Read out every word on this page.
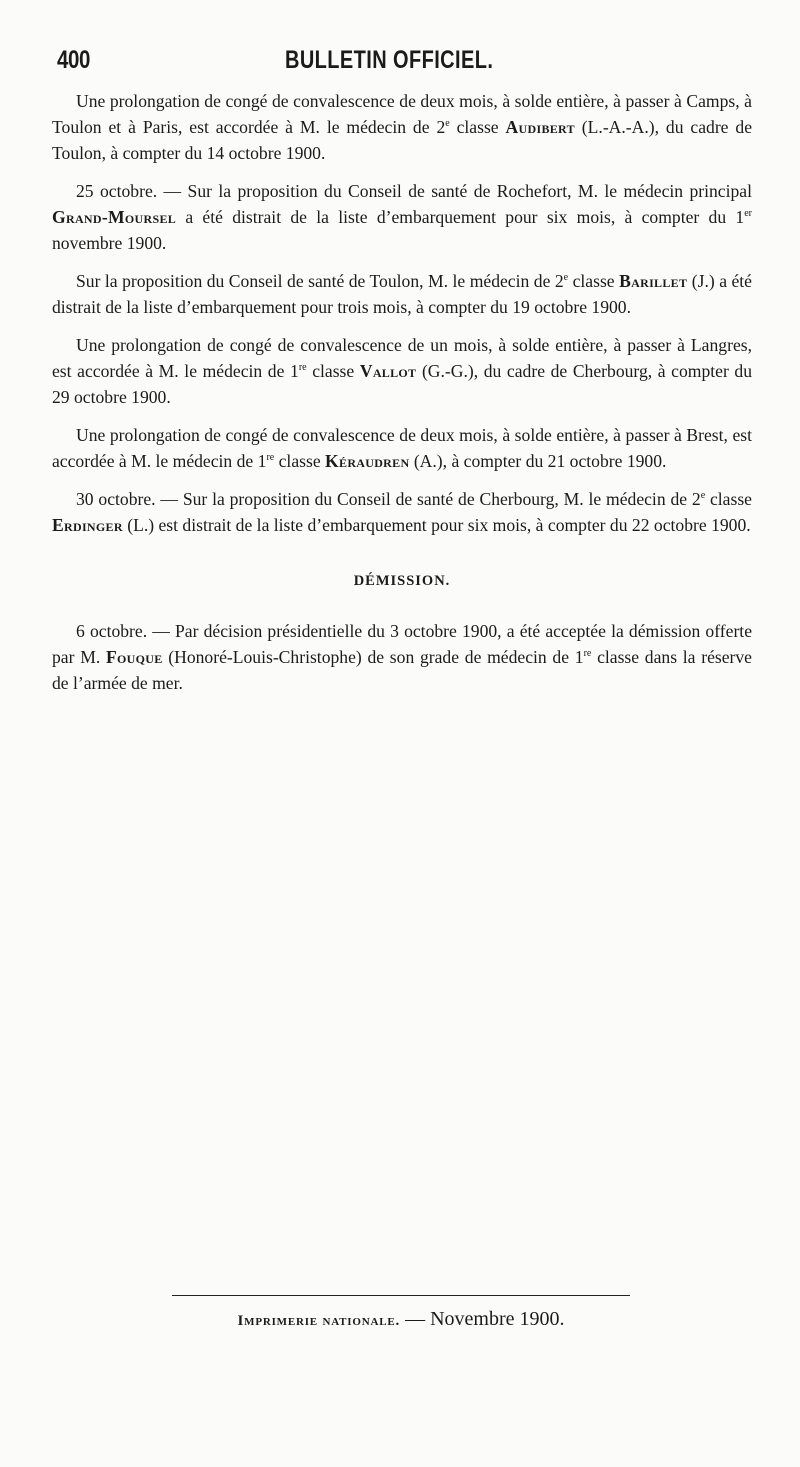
400	BULLETIN OFFICIEL.

Une prolongation de congé de convalescence de deux mois, à solde entière, à passer à Camps, à Toulon et à Paris, est accordée à M. le médecin de 2e classe Audibert (L.-A.-A.), du cadre de Toulon, à compter du 14 octobre 1900.

25 octobre. — Sur la proposition du Conseil de santé de Rochefort, M. le médecin principal Grand-Moursel a été distrait de la liste d’embarquement pour six mois, à compter du 1er novembre 1900.

Sur la proposition du Conseil de santé de Toulon, M. le médecin de 2e classe Barillet (J.) a été distrait de la liste d’embarquement pour trois mois, à compter du 19 octobre 1900.

Une prolongation de congé de convalescence de un mois, à solde entière, à passer à Langres, est accordée à M. le médecin de 1re classe Vallot (G.-G.), du cadre de Cherbourg, à compter du 29 octobre 1900.

Une prolongation de congé de convalescence de deux mois, à solde entière, à passer à Brest, est accordée à M. le médecin de 1re classe Kéraudren (A.), à compter du 21 octobre 1900.

30 octobre. — Sur la proposition du Conseil de santé de Cherbourg, M. le médecin de 2e classe Erdinger (L.) est distrait de la liste d’embarquement pour six mois, à compter du 22 octobre 1900.

DÉMISSION.

6 octobre. — Par décision présidentielle du 3 octobre 1900, a été acceptée la démission offerte par M. Fouque (Honoré-Louis-Christophe) de son grade de médecin de 1re classe dans la réserve de l’armée de mer.

Imprimerie nationale. — Novembre 1900.
